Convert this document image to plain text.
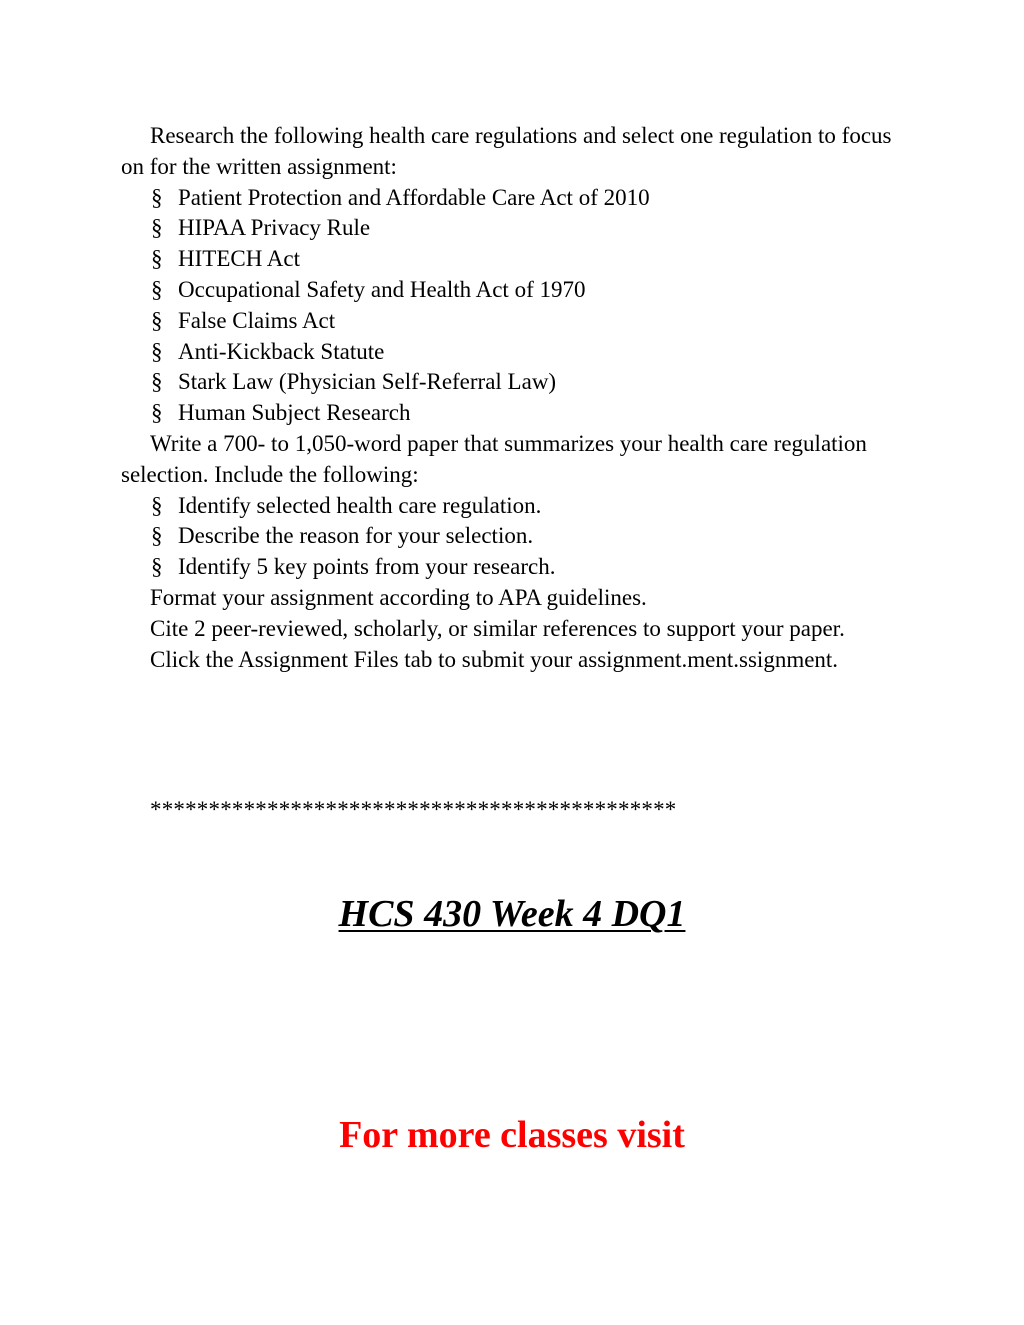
Research the following health care regulations and select one regulation to focus on for the written assignment:

§ Patient Protection and Affordable Care Act of 2010
§ HIPAA Privacy Rule
§ HITECH Act
§ Occupational Safety and Health Act of 1970
§ False Claims Act
§ Anti-Kickback Statute
§ Stark Law (Physician Self-Referral Law)
§ Human Subject Research

Write a 700- to 1,050-word paper that summarizes your health care regulation selection. Include the following:

§ Identify selected health care regulation.
§ Describe the reason for your selection.
§ Identify 5 key points from your research.

Format your assignment according to APA guidelines.

Cite 2 peer-reviewed, scholarly, or similar references to support your paper.

Click the Assignment Files tab to submit your assignment.ment.ssignment.

*********************************************
HCS 430 Week 4 DQ1
For more classes visit
